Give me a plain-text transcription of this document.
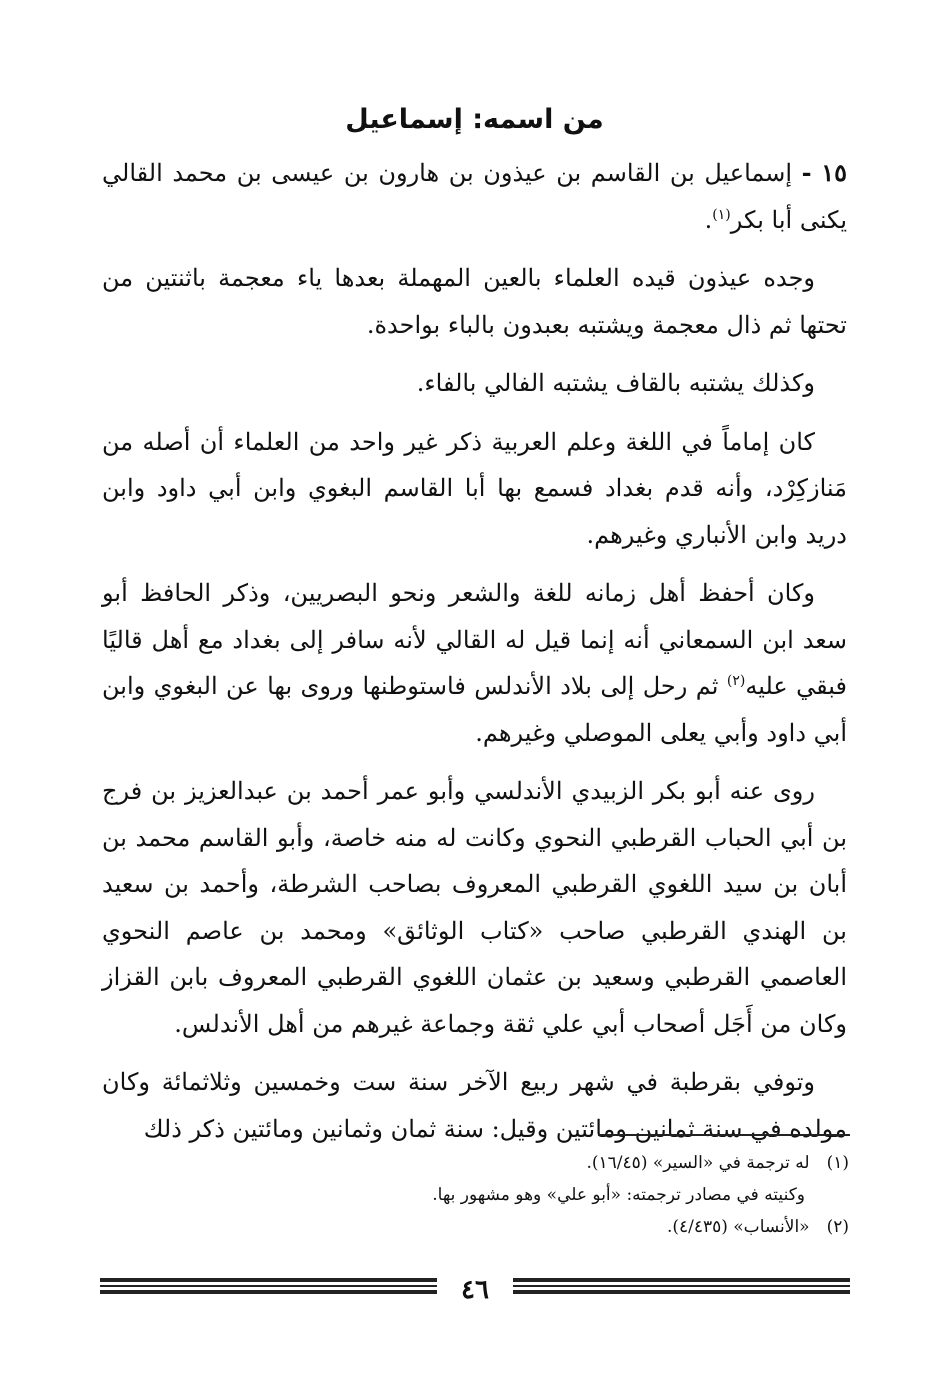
من اسمه: إسماعيل

١٥ - إسماعيل بن القاسم بن عيذون بن هارون بن عيسى بن محمد القالي يكنى أبا بكر$^{(١)}$.

وجده عيذون قيده العلماء بالعين المهملة بعدها ياء معجمة باثنتين من تحتها ثم ذال معجمة ويشتبه بعبدون بالباء بواحدة.

وكذلك يشتبه بالقاف يشتبه الفالي بالفاء.

كان إماماً في اللغة وعلم العربية ذكر غير واحد من العلماء أن أصله من مَنازكِرْد، وأنه قدم بغداد فسمع بها أبا القاسم البغوي وابن أبي داود وابن دريد وابن الأنباري وغيرهم.

وكان أحفظ أهل زمانه للغة والشعر ونحو البصريين، وذكر الحافظ أبو سعد ابن السمعاني أنه إنما قيل له القالي لأنه سافر إلى بغداد مع أهل قاليًا فبقي عليه$^{(٢)}$ ثم رحل إلى بلاد الأندلس فاستوطنها وروى بها عن البغوي وابن أبي داود وأبي يعلى الموصلي وغيرهم.

روى عنه أبو بكر الزبيدي الأندلسي وأبو عمر أحمد بن عبدالعزيز بن فرج بن أبي الحباب القرطبي النحوي وكانت له منه خاصة، وأبو القاسم محمد بن أبان بن سيد اللغوي القرطبي المعروف بصاحب الشرطة، وأحمد بن سعيد بن الهندي القرطبي صاحب «كتاب الوثائق» ومحمد بن عاصم النحوي العاصمي القرطبي وسعيد بن عثمان اللغوي القرطبي المعروف بابن القزاز وكان من أَجَل أصحاب أبي علي ثقة وجماعة غيرهم من أهل الأندلس.

وتوفي بقرطبة في شهر ربيع الآخر سنة ست وخمسين وثلاثمائة وكان مولده في سنة ثمانين ومائتين وقيل: سنة ثمان وثمانين ومائتين ذكر ذلك

(١) له ترجمة في «السير» (١٦/٤٥).

وكنيته في مصادر ترجمته: «أبو علي» وهو مشهور بها.

(٢) «الأنساب» (٤/٤٣٥).

٤٦
